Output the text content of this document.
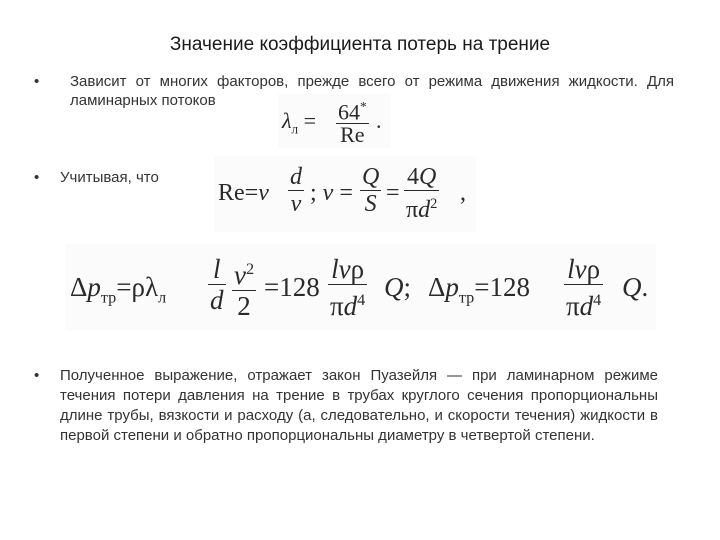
Значение коэффициента потерь на трение
• Зависит от многих факторов, прежде всего от режима движения жидкости. Для ламинарных потоков
$\lambda_л = \frac{64^*}{Re}$ .
• Учитывая, что
$Re=v \frac{d}{\nu}$ ; $v = \frac{Q}{S} = \frac{4Q}{\pi d^2}$ ,
$\Delta p_{тр}=\rho\lambda_л \frac{l}{d} \frac{v^2}{2} =128$
lνρ
$\pi d^4$ Q; $\Delta p_{тр}=128$
lνρ
$\pi d^4$ Q.
• Полученное выражение, отражает закон Пуазейля — при ламинарном режиме течения потери давления на трение в трубах круглого сечения пропорциональны длине трубы, вязкости и расходу (а, следовательно, и скорости течения) жидкости в первой степени и обратно пропорциональны диаметру в четвертой степени.
